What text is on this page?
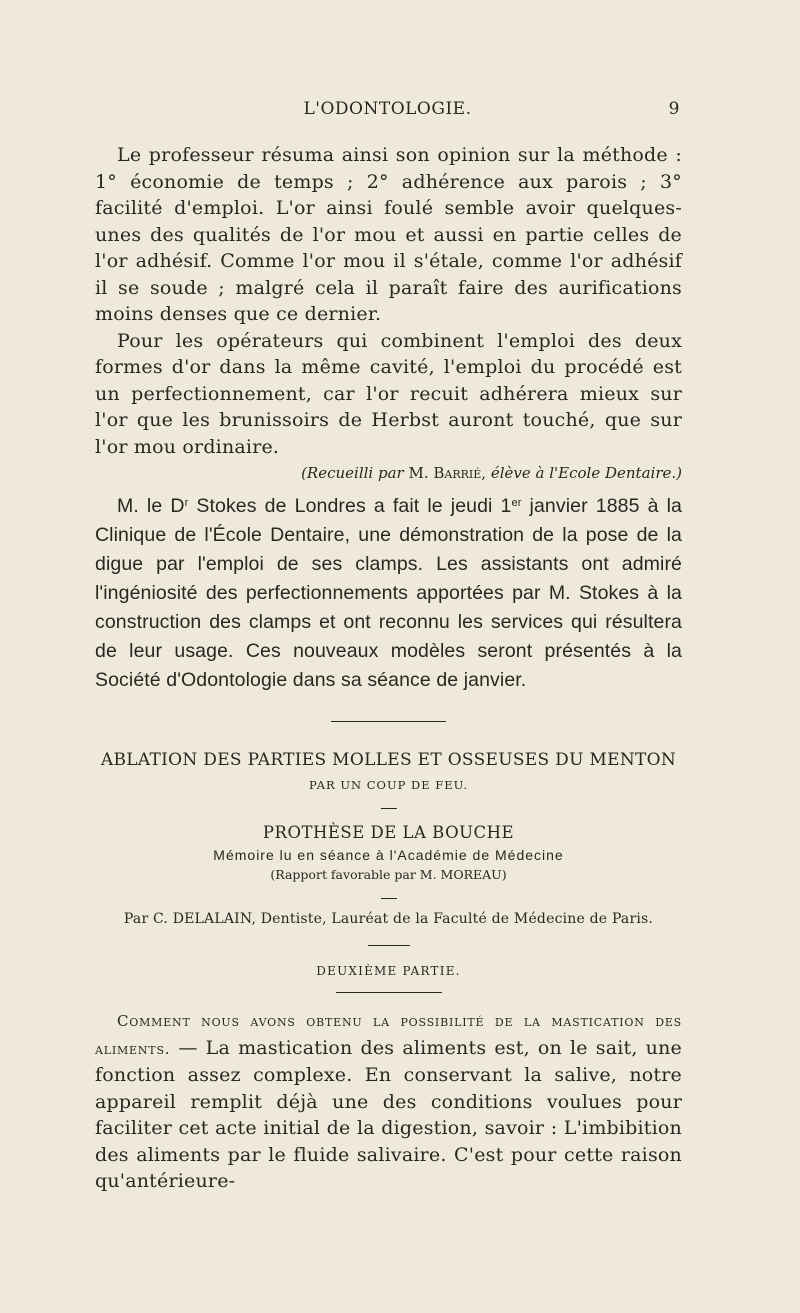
L'ODONTOLOGIE.	9

Le professeur résuma ainsi son opinion sur la méthode : 1° économie de temps ; 2° adhérence aux parois ; 3° facilité d'emploi. L'or ainsi foulé semble avoir quelques-unes des qualités de l'or mou et aussi en partie celles de l'or adhésif. Comme l'or mou il s'étale, comme l'or adhésif il se soude ; malgré cela il paraît faire des aurifications moins denses que ce dernier.

Pour les opérateurs qui combinent l'emploi des deux formes d'or dans la même cavité, l'emploi du procédé est un perfectionnement, car l'or recuit adhérera mieux sur l'or que les brunissoirs de Herbst auront touché, que sur l'or mou ordinaire.

(Recueilli par M. Barrié, élève à l'Ecole Dentaire.)

M. le $D^r$ Stokes de Londres a fait le jeudi 1er janvier 1885 à la Clinique de l'École Dentaire, une démonstration de la pose de la digue par l'emploi de ses clamps. Les assistants ont admiré l'ingéniosité des perfectionnements apportées par M. Stokes à la construction des clamps et ont reconnu les services qui résultera de leur usage. Ces nouveaux modèles seront présentés à la Société d'Odontologie dans sa séance de janvier.

ABLATION DES PARTIES MOLLES ET OSSEUSES DU MENTON
PAR UN COUP DE FEU.
PROTHÈSE DE LA BOUCHE
Mémoire lu en séance à l'Académie de Médecine
(Rapport favorable par M. MOREAU)
Par C. DELALAIN, Dentiste, Lauréat de la Faculté de Médecine de Paris.
DEUXIÈME PARTIE.

Comment nous avons obtenu la possibilité de la mastication des aliments. — La mastication des aliments est, on le sait, une fonction assez complexe. En conservant la salive, notre appareil remplit déjà une des conditions voulues pour faciliter cet acte initial de la digestion, savoir : L'imbibition des aliments par le fluide salivaire. C'est pour cette raison qu'antérieure-
